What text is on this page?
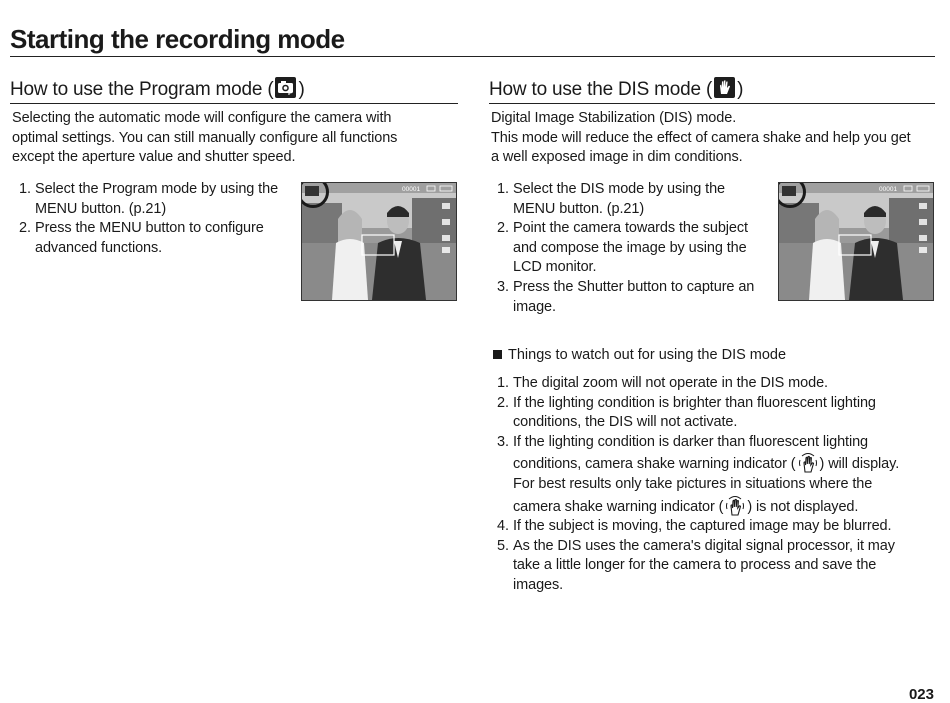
Starting the recording mode
How to use the Program mode ( P )
Selecting the automatic mode will configure the camera with
optimal settings. You can still manually configure all functions
except the aperture value and shutter speed.
1. Select the Program mode by using the
MENU button. (p.21)
2. Press the MENU button to configure
advanced functions.
00001
How to use the DIS mode ( )
Digital Image Stabilization (DIS) mode.
This mode will reduce the effect of camera shake and help you get
a well exposed image in dim conditions.
1. Select the DIS mode by using the
MENU button. (p.21)
2. Point the camera towards the subject
and compose the image by using the
LCD monitor.
3. Press the Shutter button to capture an
image.
00001
Things to watch out for using the DIS mode
1. The digital zoom will not operate in the DIS mode.
2. If the lighting condition is brighter than fluorescent lighting
conditions, the DIS will not activate.
3. If the lighting condition is darker than fluorescent lighting
conditions, camera shake warning indicator ( ) will display.
For best results only take pictures in situations where the
camera shake warning indicator ( ) is not displayed.
4. If the subject is moving, the captured image may be blurred.
5. As the DIS uses the camera's digital signal processor, it may
take a little longer for the camera to process and save the
images.
023
